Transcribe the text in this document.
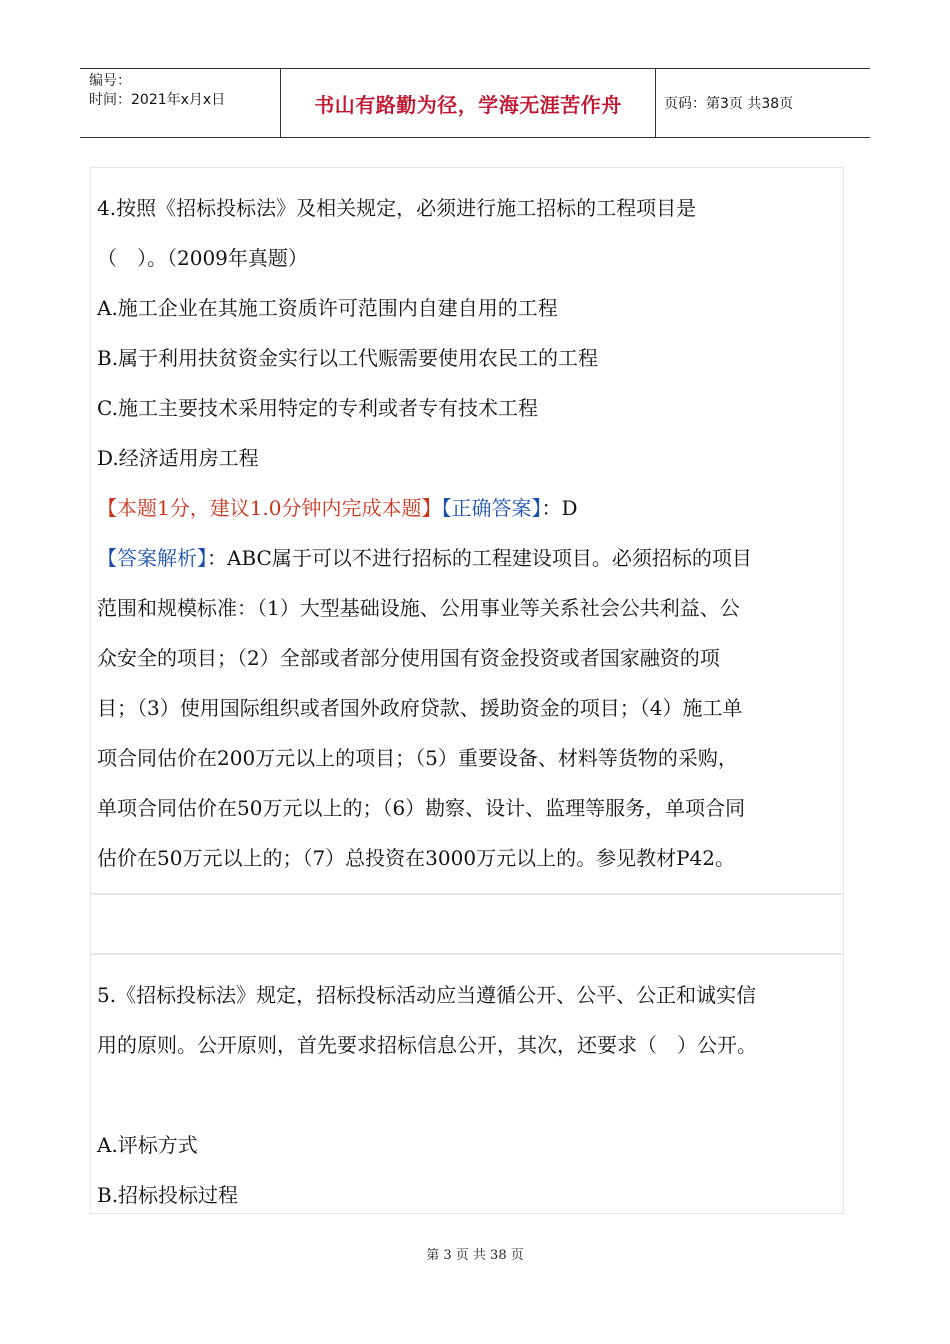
编号：
时间：2021年x月x日	书山有路勤为径，学海无涯苦作舟	页码：第3页 共38页
4.按照《招标投标法》及相关规定，必须进行施工招标的工程项目是
（　）。（2009年真题）
A.施工企业在其施工资质许可范围内自建自用的工程
B.属于利用扶贫资金实行以工代赈需要使用农民工的工程
C.施工主要技术采用特定的专利或者专有技术工程
D.经济适用房工程
【本题1分，建议1.0分钟内完成本题】【正确答案】：D
【答案解析】：ABC属于可以不进行招标的工程建设项目。必须招标的项目
范围和规模标准：（1）大型基础设施、公用事业等关系社会公共利益、公
众安全的项目；（2）全部或者部分使用国有资金投资或者国家融资的项
目；（3）使用国际组织或者国外政府贷款、援助资金的项目；（4）施工单
项合同估价在200万元以上的项目；（5）重要设备、材料等货物的采购，
单项合同估价在50万元以上的；（6）勘察、设计、监理等服务，单项合同
估价在50万元以上的；（7）总投资在3000万元以上的。参见教材P42。
5.《招标投标法》规定，招标投标活动应当遵循公开、公平、公正和诚实信
用的原则。公开原则，首先要求招标信息公开，其次，还要求（　）公开。
A.评标方式
B.招标投标过程
第 3 页 共 38 页
